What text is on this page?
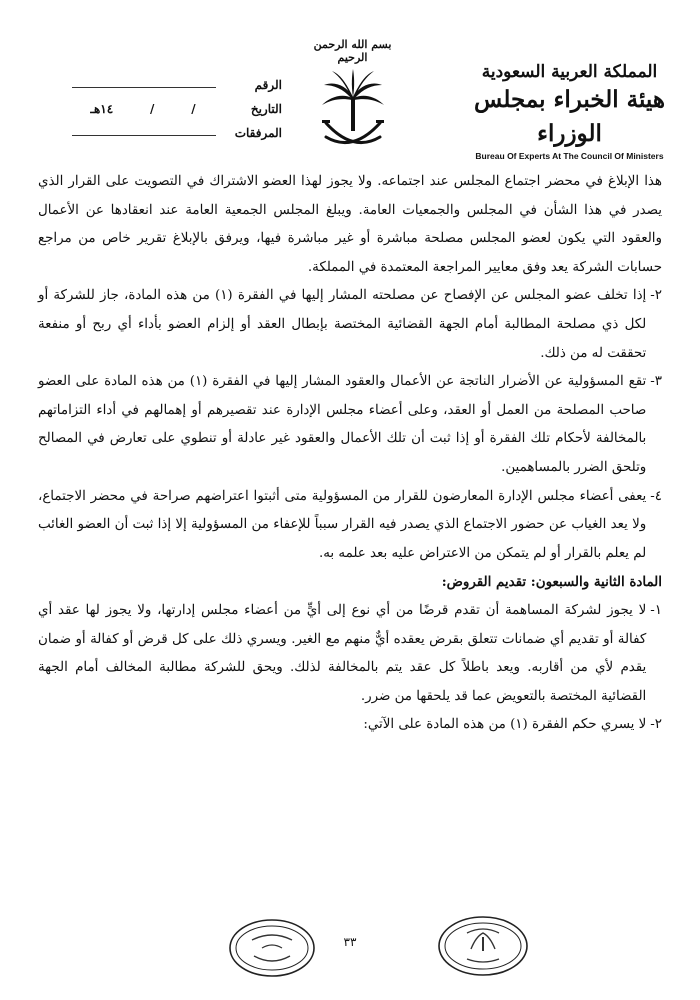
المملكة العربية السعودية
هيئة الخبراء بمجلس الوزراء
Bureau Of Experts At The Council Of Ministers
بسم الله الرحمن الرحيم
الرقم
التاريخ
/
/
١٤هـ
المرفقات

هذا الإبلاغ في محضر اجتماع المجلس عند اجتماعه. ولا يجوز لهذا العضو الاشتراك في التصويت على القرار الذي يصدر في هذا الشأن في المجلس والجمعيات العامة. ويبلغ المجلس الجمعية العامة عند انعقادها عن الأعمال والعقود التي يكون لعضو المجلس مصلحة مباشرة أو غير مباشرة فيها، ويرفق بالإبلاغ تقرير خاص من مراجع حسابات الشركة يعد وفق معايير المراجعة المعتمدة في المملكة.

٢-
إذا تخلف عضو المجلس عن الإفصاح عن مصلحته المشار إليها في الفقرة (١) من هذه المادة، جاز للشركة أو لكل ذي مصلحة المطالبة أمام الجهة القضائية المختصة بإبطال العقد أو إلزام العضو بأداء أي ربح أو منفعة تحققت له من ذلك.
٣-
تقع المسؤولية عن الأضرار الناتجة عن الأعمال والعقود المشار إليها في الفقرة (١) من هذه المادة على العضو صاحب المصلحة من العمل أو العقد، وعلى أعضاء مجلس الإدارة عند تقصيرهم أو إهمالهم في أداء التزاماتهم بالمخالفة لأحكام تلك الفقرة أو إذا ثبت أن تلك الأعمال والعقود غير عادلة أو تنطوي على تعارض في المصالح وتلحق الضرر بالمساهمين.
٤-
يعفى أعضاء مجلس الإدارة المعارضون للقرار من المسؤولية متى أثبتوا اعتراضهم صراحة في محضر الاجتماع، ولا يعد الغياب عن حضور الاجتماع الذي يصدر فيه القرار سبباً للإعفاء من المسؤولية إلا إذا ثبت أن العضو الغائب لم يعلم بالقرار أو لم يتمكن من الاعتراض عليه بعد علمه به.

المادة الثانية والسبعون: تقديم القروض:

١-
لا يجوز لشركة المساهمة أن تقدم قرضًا من أي نوع إلى أيٍّ من أعضاء مجلس إدارتها، ولا يجوز لها عقد أي كفالة أو تقديم أي ضمانات تتعلق بقرض يعقده أيٌّ منهم مع الغير. ويسري ذلك على كل قرض أو كفالة أو ضمان يقدم لأي من أقاربه. ويعد باطلاً كل عقد يتم بالمخالفة لذلك. ويحق للشركة مطالبة المخالف أمام الجهة القضائية المختصة بالتعويض عما قد يلحقها من ضرر.
٢-
لا يسري حكم الفقرة (١) من هذه المادة على الآتي:
٣٣
